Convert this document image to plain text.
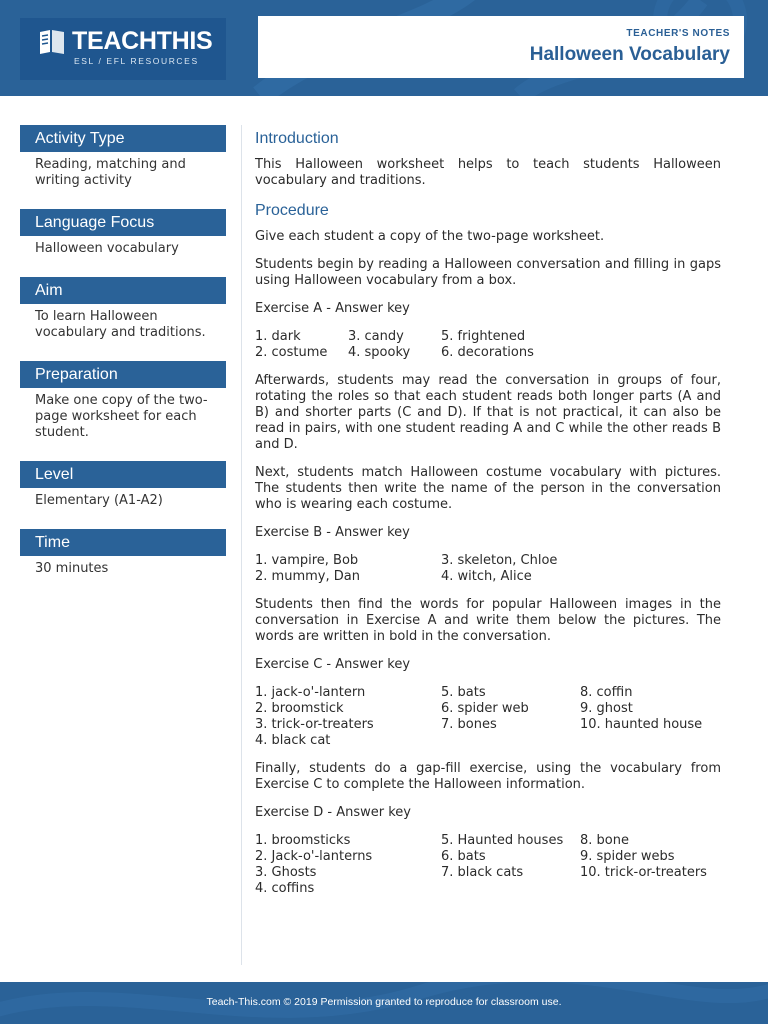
TEACHTHIS
ESL / EFL RESOURCES
TEACHER'S NOTES
Halloween Vocabulary
Activity Type
Reading, matching and writing activity
Language Focus
Halloween vocabulary
Aim
To learn Halloween vocabulary and traditions.
Preparation
Make one copy of the two-page worksheet for each student.
Level
Elementary (A1-A2)
Time
30 minutes
Introduction
This Halloween worksheet helps to teach students Halloween vocabulary and traditions.
Procedure
Give each student a copy of the two-page worksheet.
Students begin by reading a Halloween conversation and filling in gaps using Halloween vocabulary from a box.
Exercise A - Answer key
1. dark	3. candy	5. frightened
2. costume	4. spooky	6. decorations
Afterwards, students may read the conversation in groups of four, rotating the roles so that each student reads both longer parts (A and B) and shorter parts (C and D). If that is not practical, it can also be read in pairs, with one student reading A and C while the other reads B and D.
Next, students match Halloween costume vocabulary with pictures. The students then write the name of the person in the conversation who is wearing each costume.
Exercise B - Answer key
1. vampire, Bob	3. skeleton, Chloe
2. mummy, Dan	4. witch, Alice
Students then find the words for popular Halloween images in the conversation in Exercise A and write them below the pictures. The words are written in bold in the conversation.
Exercise C - Answer key
1. jack-o'-lantern	5. bats	8. coffin
2. broomstick	6. spider web	9. ghost
3. trick-or-treaters	7. bones	10. haunted house
4. black cat
Finally, students do a gap-fill exercise, using the vocabulary from Exercise C to complete the Halloween information.
Exercise D - Answer key
1. broomsticks	5. Haunted houses	8. bone
2. Jack-o'-lanterns	6. bats	9. spider webs
3. Ghosts	7. black cats	10. trick-or-treaters
4. coffins
Teach-This.com © 2019 Permission granted to reproduce for classroom use.
